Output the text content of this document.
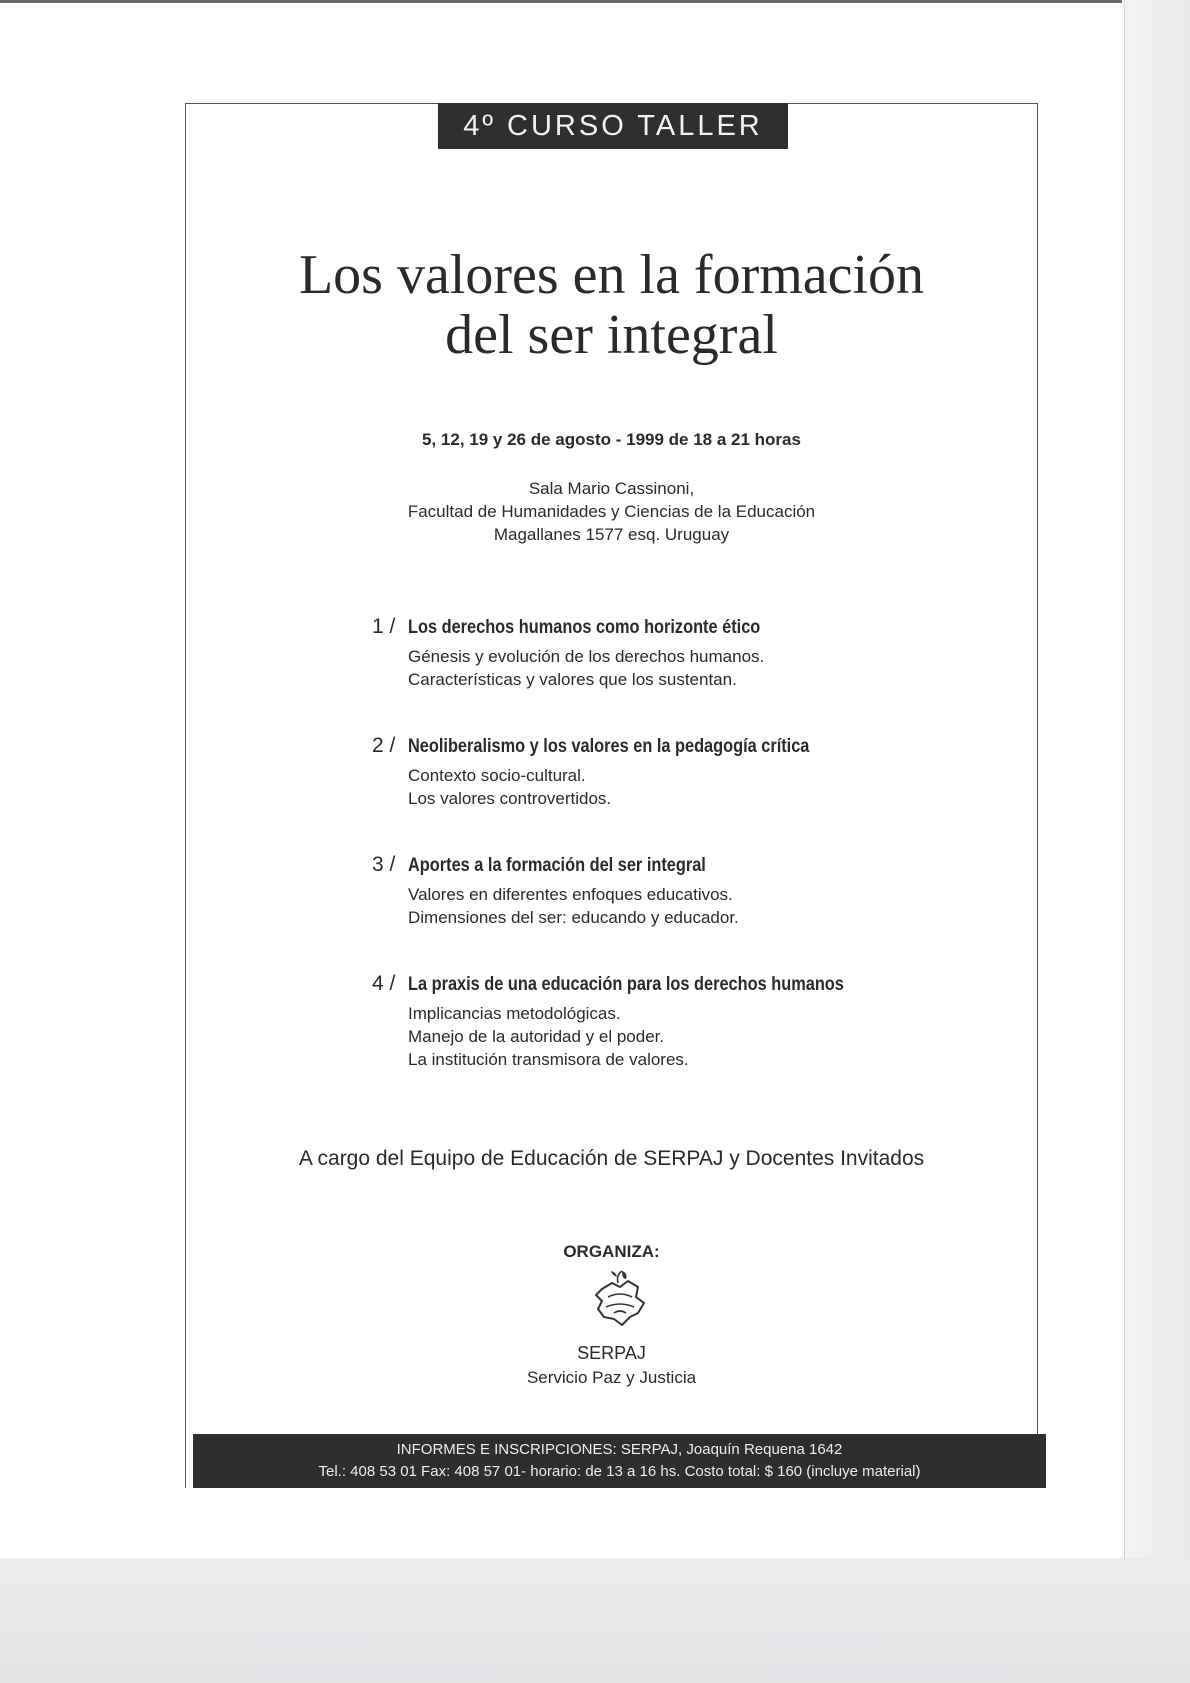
4º CURSO TALLER
Los valores en la formación
del ser integral
5, 12, 19 y 26 de agosto - 1999 de 18 a 21 horas
Sala Mario Cassinoni,
Facultad de Humanidades y Ciencias de la Educación
Magallanes 1577 esq. Uruguay
1 / Los derechos humanos como horizonte ético
Génesis y evolución de los derechos humanos.
Características y valores que los sustentan.
2 / Neoliberalismo y los valores en la pedagogía crítica
Contexto socio-cultural.
Los valores controvertidos.
3 / Aportes a la formación del ser integral
Valores en diferentes enfoques educativos.
Dimensiones del ser: educando y educador.
4 / La praxis de una educación para los derechos humanos
Implicancias metodológicas.
Manejo de la autoridad y el poder.
La institución transmisora de valores.
A cargo del Equipo de Educación de SERPAJ y Docentes Invitados
ORGANIZA:
SERPAJ
Servicio Paz y Justicia
INFORMES E INSCRIPCIONES: SERPAJ, Joaquín Requena 1642
Tel.: 408 53 01 Fax: 408 57 01- horario: de 13 a 16 hs. Costo total: $ 160 (incluye material)
